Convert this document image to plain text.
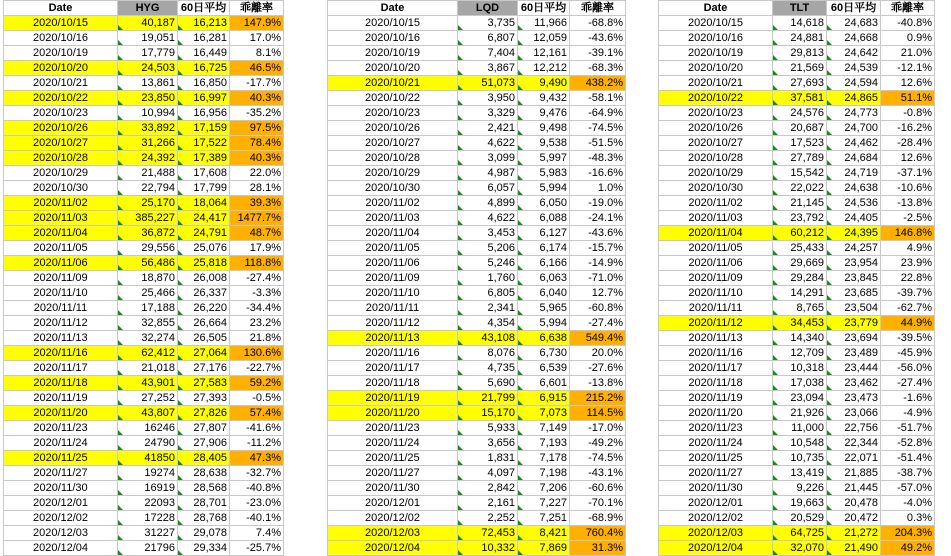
Date	HYG	60日平均	乖離率
2020/10/15	40,187	16,213	147.9%
2020/10/16	19,051	16,281	17.0%
2020/10/19	17,779	16,449	8.1%
2020/10/20	24,503	16,725	46.5%
2020/10/21	13,861	16,850	-17.7%
2020/10/22	23,850	16,997	40.3%
2020/10/23	10,994	16,956	-35.2%
2020/10/26	33,892	17,159	97.5%
2020/10/27	31,266	17,522	78.4%
2020/10/28	24,392	17,389	40.3%
2020/10/29	21,488	17,608	22.0%
2020/10/30	22,794	17,799	28.1%
2020/11/02	25,170	18,064	39.3%
2020/11/03	385,227	24,417	1477.7%
2020/11/04	36,872	24,791	48.7%
2020/11/05	29,556	25,076	17.9%
2020/11/06	56,486	25,818	118.8%
2020/11/09	18,870	26,008	-27.4%
2020/11/10	25,466	26,337	-3.3%
2020/11/11	17,188	26,220	-34.4%
2020/11/12	32,855	26,664	23.2%
2020/11/13	32,274	26,505	21.8%
2020/11/16	62,412	27,064	130.6%
2020/11/17	21,018	27,176	-22.7%
2020/11/18	43,901	27,583	59.2%
2020/11/19	27,252	27,393	-0.5%
2020/11/20	43,807	27,826	57.4%
2020/11/23	16246	27,807	-41.6%
2020/11/24	24790	27,906	-11.2%
2020/11/25	41850	28,405	47.3%
2020/11/27	19274	28,638	-32.7%
2020/11/30	16919	28,568	-40.8%
2020/12/01	22093	28,701	-23.0%
2020/12/02	17228	28,768	-40.1%
2020/12/03	31227	29,078	7.4%
2020/12/04	21796	29,334	-25.7%
Date	LQD	60日平均	乖離率
2020/10/15	3,735	11,966	-68.8%
2020/10/16	6,807	12,059	-43.6%
2020/10/19	7,404	12,161	-39.1%
2020/10/20	3,867	12,212	-68.3%
2020/10/21	51,073	9,490	438.2%
2020/10/22	3,950	9,432	-58.1%
2020/10/23	3,329	9,476	-64.9%
2020/10/26	2,421	9,498	-74.5%
2020/10/27	4,622	9,538	-51.5%
2020/10/28	3,099	5,997	-48.3%
2020/10/29	4,987	5,983	-16.6%
2020/10/30	6,057	5,994	1.0%
2020/11/02	4,899	6,050	-19.0%
2020/11/03	4,622	6,088	-24.1%
2020/11/04	3,453	6,127	-43.6%
2020/11/05	5,206	6,174	-15.7%
2020/11/06	5,246	6,166	-14.9%
2020/11/09	1,760	6,063	-71.0%
2020/11/10	6,805	6,040	12.7%
2020/11/11	2,341	5,965	-60.8%
2020/11/12	4,354	5,994	-27.4%
2020/11/13	43,108	6,638	549.4%
2020/11/16	8,076	6,730	20.0%
2020/11/17	4,735	6,539	-27.6%
2020/11/18	5,690	6,601	-13.8%
2020/11/19	21,799	6,915	215.2%
2020/11/20	15,170	7,073	114.5%
2020/11/23	5,933	7,149	-17.0%
2020/11/24	3,656	7,193	-49.2%
2020/11/25	1,831	7,178	-74.5%
2020/11/27	4,097	7,198	-43.1%
2020/11/30	2,842	7,206	-60.6%
2020/12/01	2,161	7,227	-70.1%
2020/12/02	2,252	7,251	-68.9%
2020/12/03	72,453	8,421	760.4%
2020/12/04	10,332	7,869	31.3%
Date	TLT	60日平均	乖離率
2020/10/15	14,618	24,683	-40.8%
2020/10/16	24,881	24,668	0.9%
2020/10/19	29,813	24,642	21.0%
2020/10/20	21,569	24,539	-12.1%
2020/10/21	27,693	24,594	12.6%
2020/10/22	37,581	24,865	51.1%
2020/10/23	24,576	24,773	-0.8%
2020/10/26	20,687	24,700	-16.2%
2020/10/27	17,523	24,462	-28.4%
2020/10/28	27,789	24,684	12.6%
2020/10/29	15,542	24,719	-37.1%
2020/10/30	22,022	24,638	-10.6%
2020/11/02	21,145	24,536	-13.8%
2020/11/03	23,792	24,405	-2.5%
2020/11/04	60,212	24,395	146.8%
2020/11/05	25,433	24,257	4.9%
2020/11/06	29,669	23,954	23.9%
2020/11/09	29,284	23,845	22.8%
2020/11/10	14,291	23,685	-39.7%
2020/11/11	8,765	23,504	-62.7%
2020/11/12	34,453	23,779	44.9%
2020/11/13	14,340	23,694	-39.5%
2020/11/16	12,709	23,489	-45.9%
2020/11/17	10,318	23,444	-56.0%
2020/11/18	17,038	23,462	-27.4%
2020/11/19	23,094	23,473	-1.6%
2020/11/20	21,926	23,066	-4.9%
2020/11/23	11,000	22,756	-51.7%
2020/11/24	10,548	22,344	-52.8%
2020/11/25	10,735	22,071	-51.4%
2020/11/27	13,419	21,885	-38.7%
2020/11/30	9,226	21,445	-57.0%
2020/12/01	19,663	20,478	-4.0%
2020/12/02	20,529	20,472	0.3%
2020/12/03	64,725	21,272	204.3%
2020/12/04	32,070	21,490	49.2%
